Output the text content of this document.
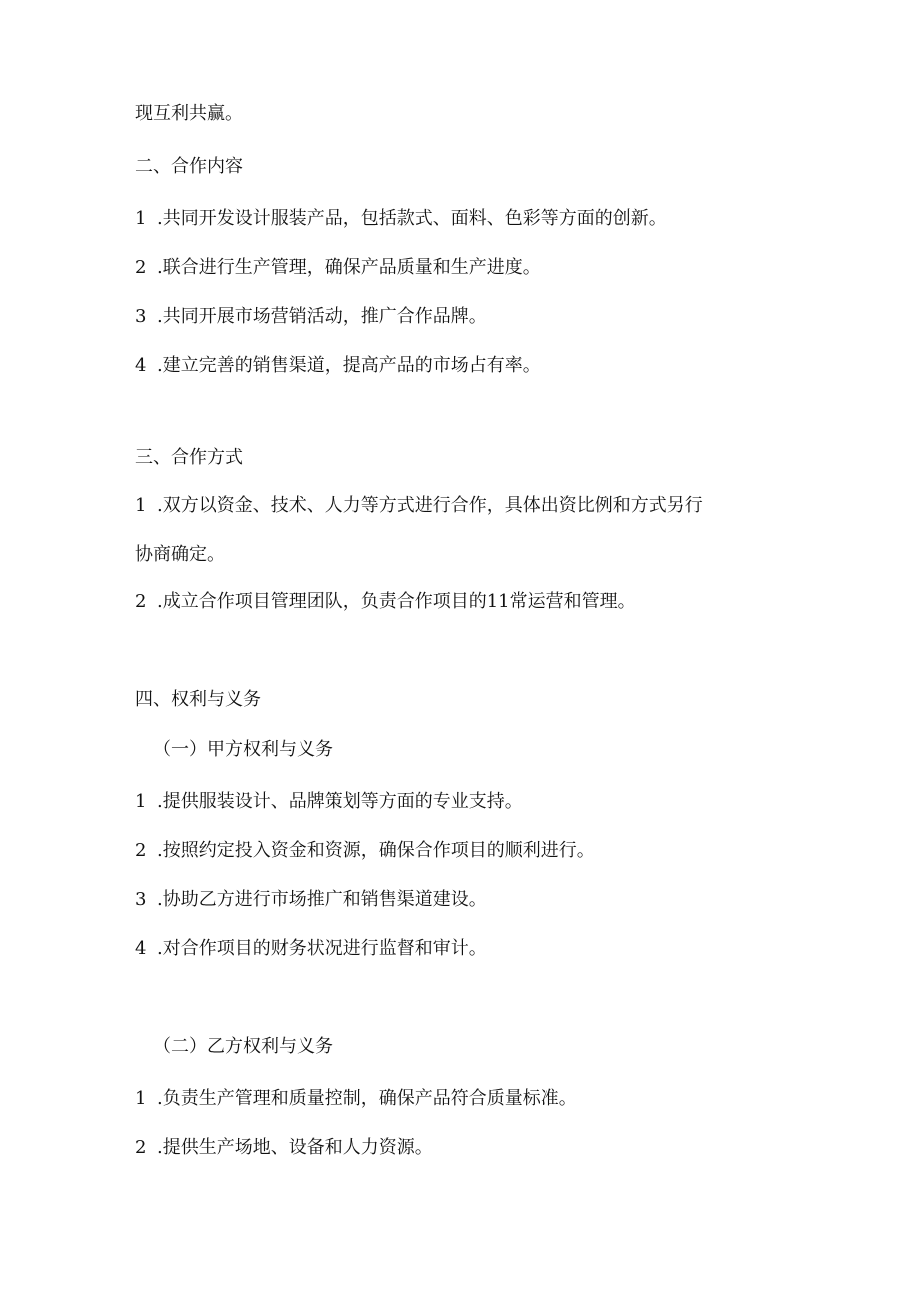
现互利共赢。
二、合作内容
1 .共同开发设计服装产品，包括款式、面料、色彩等方面的创新。
2 .联合进行生产管理，确保产品质量和生产进度。
3 .共同开展市场营销活动，推广合作品牌。
4 .建立完善的销售渠道，提高产品的市场占有率。
三、合作方式
1 .双方以资金、技术、人力等方式进行合作，具体出资比例和方式另行
协商确定。
2 .成立合作项目管理团队，负责合作项目的11常运营和管理。
四、权利与义务
（一）甲方权利与义务
1 .提供服装设计、品牌策划等方面的专业支持。
2 .按照约定投入资金和资源，确保合作项目的顺利进行。
3 .协助乙方进行市场推广和销售渠道建设。
4 .对合作项目的财务状况进行监督和审计。
（二）乙方权利与义务
1 .负责生产管理和质量控制，确保产品符合质量标准。
2 .提供生产场地、设备和人力资源。
